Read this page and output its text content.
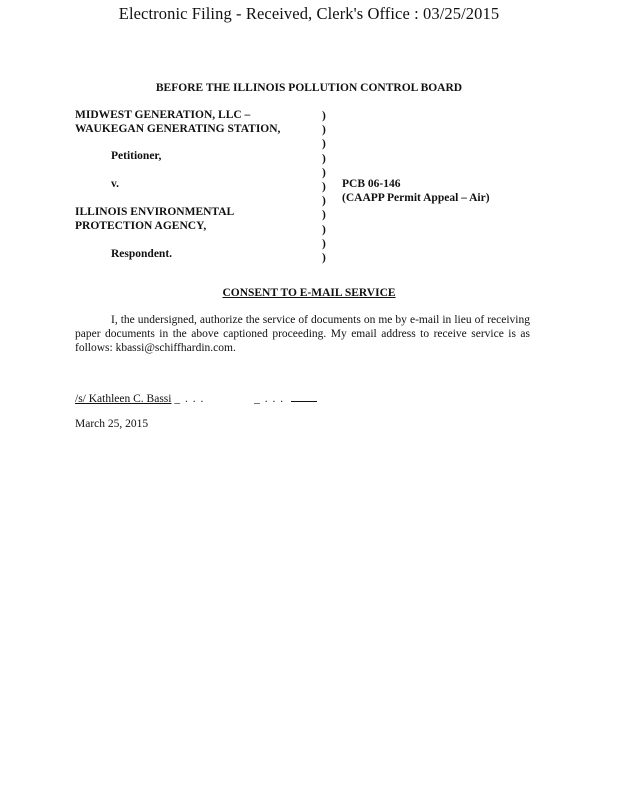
Electronic Filing - Received, Clerk's Office : 03/25/2015
BEFORE THE ILLINOIS POLLUTION CONTROL BOARD
MIDWEST GENERATION, LLC –
WAUKEGAN GENERATING STATION,
Petitioner,
v.
ILLINOIS ENVIRONMENTAL
PROTECTION AGENCY,
Respondent.
)
)
)
)
)
)
)
)
)
)
)
PCB 06-146
(CAAPP Permit Appeal – Air)
CONSENT TO E-MAIL SERVICE
I, the undersigned, authorize the service of documents on me by e-mail in lieu of receiving paper documents in the above captioned proceeding. My email address to receive service is as follows: kbassi@schiffhardin.com.
/s/ Kathleen C. Bassi _ . . .	_ . . .
March 25, 2015
